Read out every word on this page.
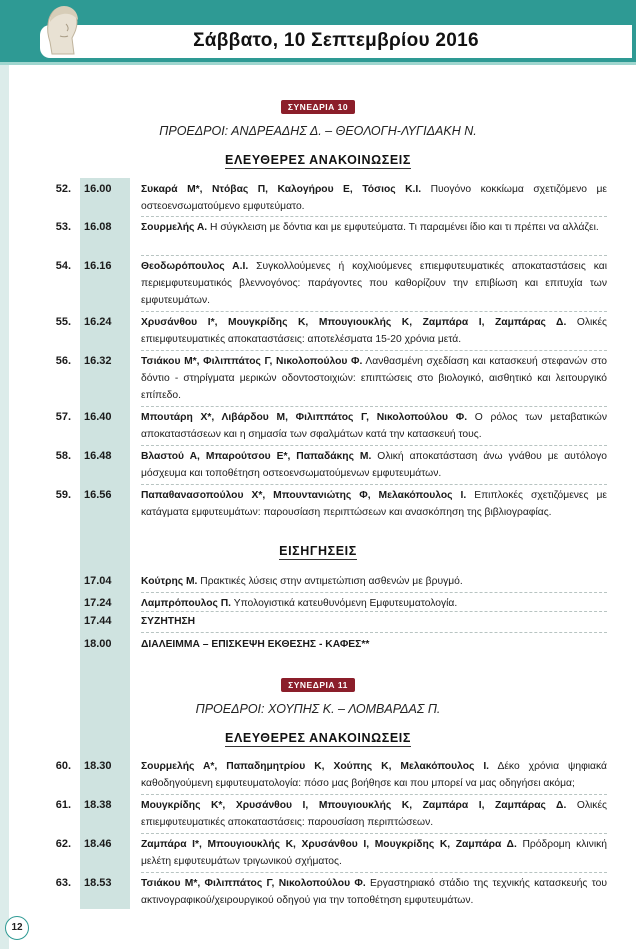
Σάββατο, 10 Σεπτεμβρίου 2016
ΣΥΝΕΔΡΙΑ 10
ΠΡΟΕΔΡΟΙ: ΑΝΔΡΕΑΔΗΣ Δ. – ΘΕΟΛΟΓΗ-ΛΥΓΙΔΑΚΗ Ν.
ΕΛΕΥΘΕΡΕΣ ΑΝΑΚΟΙΝΩΣΕΙΣ
52. 16.00	Συκαρά Μ*, Ντόβας Π, Καλογήρου Ε, Τόσιος Κ.Ι. Πυογόνο κοκκίωμα σχετιζόμενο με οστεοενσωματούμενο εμφυτεύματο.
53. 16.08	Σουρμελής Α. Η σύγκλειση με δόντια και με εμφυτεύματα. Τι παραμένει ίδιο και τι πρέπει να αλλάζει.
54. 16.16	Θεοδωρόπουλος Α.Ι. Συγκολλούμενες ή κοχλιούμενες επιεμφυτευματικές αποκαταστάσεις και περιεμφυτευματικός βλεννογόνος: παράγοντες που καθορίζουν την επιβίωση και επιτυχία των εμφυτευμάτων.
55. 16.24	Χρυσάνθου Ι*, Μουγκρίδης Κ, Μπουγιουκλής Κ, Ζαμπάρα Ι, Ζαμπάρας Δ. Ολικές επιεμφυτευματικές αποκαταστάσεις: αποτελέσματα 15-20 χρόνια μετά.
56. 16.32	Τσιάκου Μ*, Φιλιππάτος Γ, Νικολοπούλου Φ. Λανθασμένη σχεδίαση και κατασκευή στεφανών στο δόντιο - στηρίγματα μερικών οδοντοστοιχιών: επιπτώσεις στο βιολογικό, αισθητικό και λειτουργικό επίπεδο.
57. 16.40	Μπουτάρη Χ*, Λιβάρδου Μ, Φιλιππάτος Γ, Νικολοπούλου Φ. Ο ρόλος των μεταβατικών αποκαταστάσεων και η σημασία των σφαλμάτων κατά την κατασκευή τους.
58. 16.48	Βλαστού Α, Μπαρούτσου Ε*, Παπαδάκης Μ. Ολική αποκατάσταση άνω γνάθου με αυτόλογο μόσχευμα και τοποθέτηση οστεοενσωματούμενων εμφυτευμάτων.
59. 16.56	Παπαθανασοπούλου Χ*, Μπουντανιώτης Φ, Μελακόπουλος Ι. Επιπλοκές σχετιζόμενες με κατάγματα εμφυτευμάτων: παρουσίαση περιπτώσεων και ανασκόπηση της βιβλιογραφίας.
ΕΙΣΗΓΗΣΕΙΣ
17.04	Κούτρης Μ. Πρακτικές λύσεις στην αντιμετώπιση ασθενών με βρυγμό.
17.24	Λαμπρόπουλος Π. Υπολογιστικά κατευθυνόμενη Εμφυτευματολογία.
17.44	ΣΥΖΗΤΗΣΗ
18.00	ΔΙΑΛΕΙΜΜΑ – ΕΠΙΣΚΕΨΗ ΕΚΘΕΣΗΣ - ΚΑΦΕΣ**
ΣΥΝΕΔΡΙΑ 11
ΠΡΟΕΔΡΟΙ: ΧΟΥΠΗΣ Κ. – ΛΟΜΒΑΡΔΑΣ Π.
ΕΛΕΥΘΕΡΕΣ ΑΝΑΚΟΙΝΩΣΕΙΣ
60. 18.30	Σουρμελής Α*, Παπαδημητρίου Κ, Χούπης Κ, Μελακόπουλος Ι. Δέκο χρόνια ψηφιακά καθοδηγούμενη εμφυτευματολογία: πόσο μας βοήθησε και που μπορεί να μας οδηγήσει ακόμα;
61. 18.38	Μουγκρίδης Κ*, Χρυσάνθου Ι, Μπουγιουκλής Κ, Ζαμπάρα Ι, Ζαμπάρας Δ. Ολικές επιεμφυτευματικές αποκαταστάσεις: παρουσίαση περιπτώσεων.
62. 18.46	Ζαμπάρα Ι*, Μπουγιουκλής Κ, Χρυσάνθου Ι, Μουγκρίδης Κ, Ζαμπάρα Δ. Πρόδρομη κλινική μελέτη εμφυτευμάτων τριγωνικού σχήματος.
63. 18.53	Τσιάκου Μ*, Φιλιππάτος Γ, Νικολοπούλου Φ. Εργαστηριακό στάδιο της τεχνικής κατασκευής του ακτινογραφικού/χειρουργικού οδηγού για την τοποθέτηση εμφυτευμάτων.
12
